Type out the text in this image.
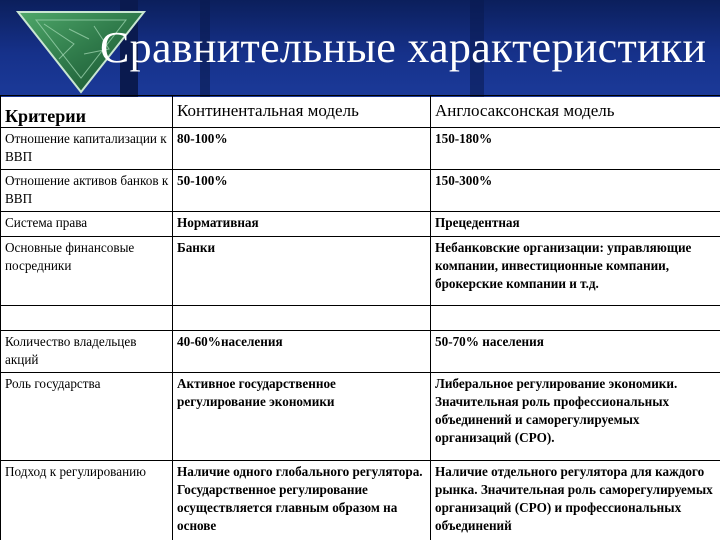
Сравнительные характеристики
Критерии	Континентальная модель	Англосаксонская модель
Отношение капитализации к ВВП	80-100%	150-180%
Отношение активов банков к ВВП	50-100%	150-300%
Система права	Нормативная	Прецедентная
Основные финансовые посредники	Банки	Небанковские организации: управляющие компании, инвестиционные компании, брокерские компании и т.д.

Количество владельцев акций	40-60%населения	50-70% населения
Роль государства	Активное государственное регулирование экономики	Либеральное регулирование экономики. Значительная роль профессиональных объединений и саморегулируемых организаций (СРО).
Подход к регулированию	Наличие одного глобального регулятора. Государственное регулирование осуществляется главным образом на основе	Наличие отдельного регулятора для каждого рынка. Значительная роль саморегулируемых организаций (СРО) и профессиональных объединений
